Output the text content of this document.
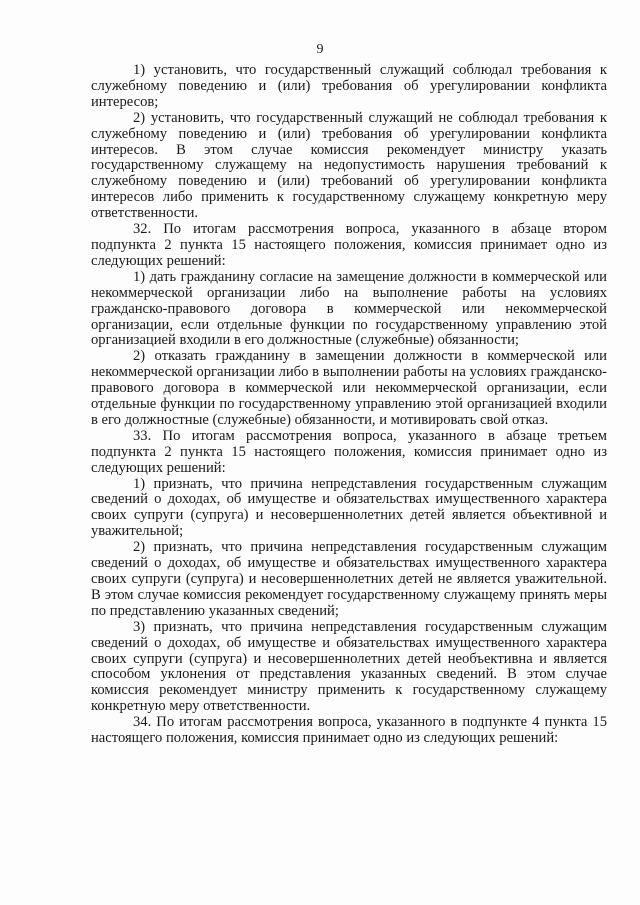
9

1) установить, что государственный служащий соблюдал требования к служебному поведению и (или) требования об урегулировании конфликта интересов;

2) установить, что государственный служащий не соблюдал требования к служебному поведению и (или) требования об урегулировании конфликта интересов. В этом случае комиссия рекомендует министру указать государственному служащему на недопустимость нарушения требований к служебному поведению и (или) требований об урегулировании конфликта интересов либо применить к государственному служащему конкретную меру ответственности.

32. По итогам рассмотрения вопроса, указанного в абзаце втором подпункта 2 пункта 15 настоящего положения, комиссия принимает одно из следующих решений:

1) дать гражданину согласие на замещение должности в коммерческой или некоммерческой организации либо на выполнение работы на условиях гражданско-правового договора в коммерческой или некоммерческой организации, если отдельные функции по государственному управлению этой организацией входили в его должностные (служебные) обязанности;

2) отказать гражданину в замещении должности в коммерческой или некоммерческой организации либо в выполнении работы на условиях гражданско-правового договора в коммерческой или некоммерческой организации, если отдельные функции по государственному управлению этой организацией входили в его должностные (служебные) обязанности, и мотивировать свой отказ.

33. По итогам рассмотрения вопроса, указанного в абзаце третьем подпункта 2 пункта 15 настоящего положения, комиссия принимает одно из следующих решений:

1) признать, что причина непредставления государственным служащим сведений о доходах, об имуществе и обязательствах имущественного характера своих супруги (супруга) и несовершеннолетних детей является объективной и уважительной;

2) признать, что причина непредставления государственным служащим сведений о доходах, об имуществе и обязательствах имущественного характера своих супруги (супруга) и несовершеннолетних детей не является уважительной. В этом случае комиссия рекомендует государственному служащему принять меры по представлению указанных сведений;

3) признать, что причина непредставления государственным служащим сведений о доходах, об имуществе и обязательствах имущественного характера своих супруги (супруга) и несовершеннолетних детей необъективна и является способом уклонения от представления указанных сведений. В этом случае комиссия рекомендует министру применить к государственному служащему конкретную меру ответственности.

34. По итогам рассмотрения вопроса, указанного в подпункте 4 пункта 15 настоящего положения, комиссия принимает одно из следующих решений:
